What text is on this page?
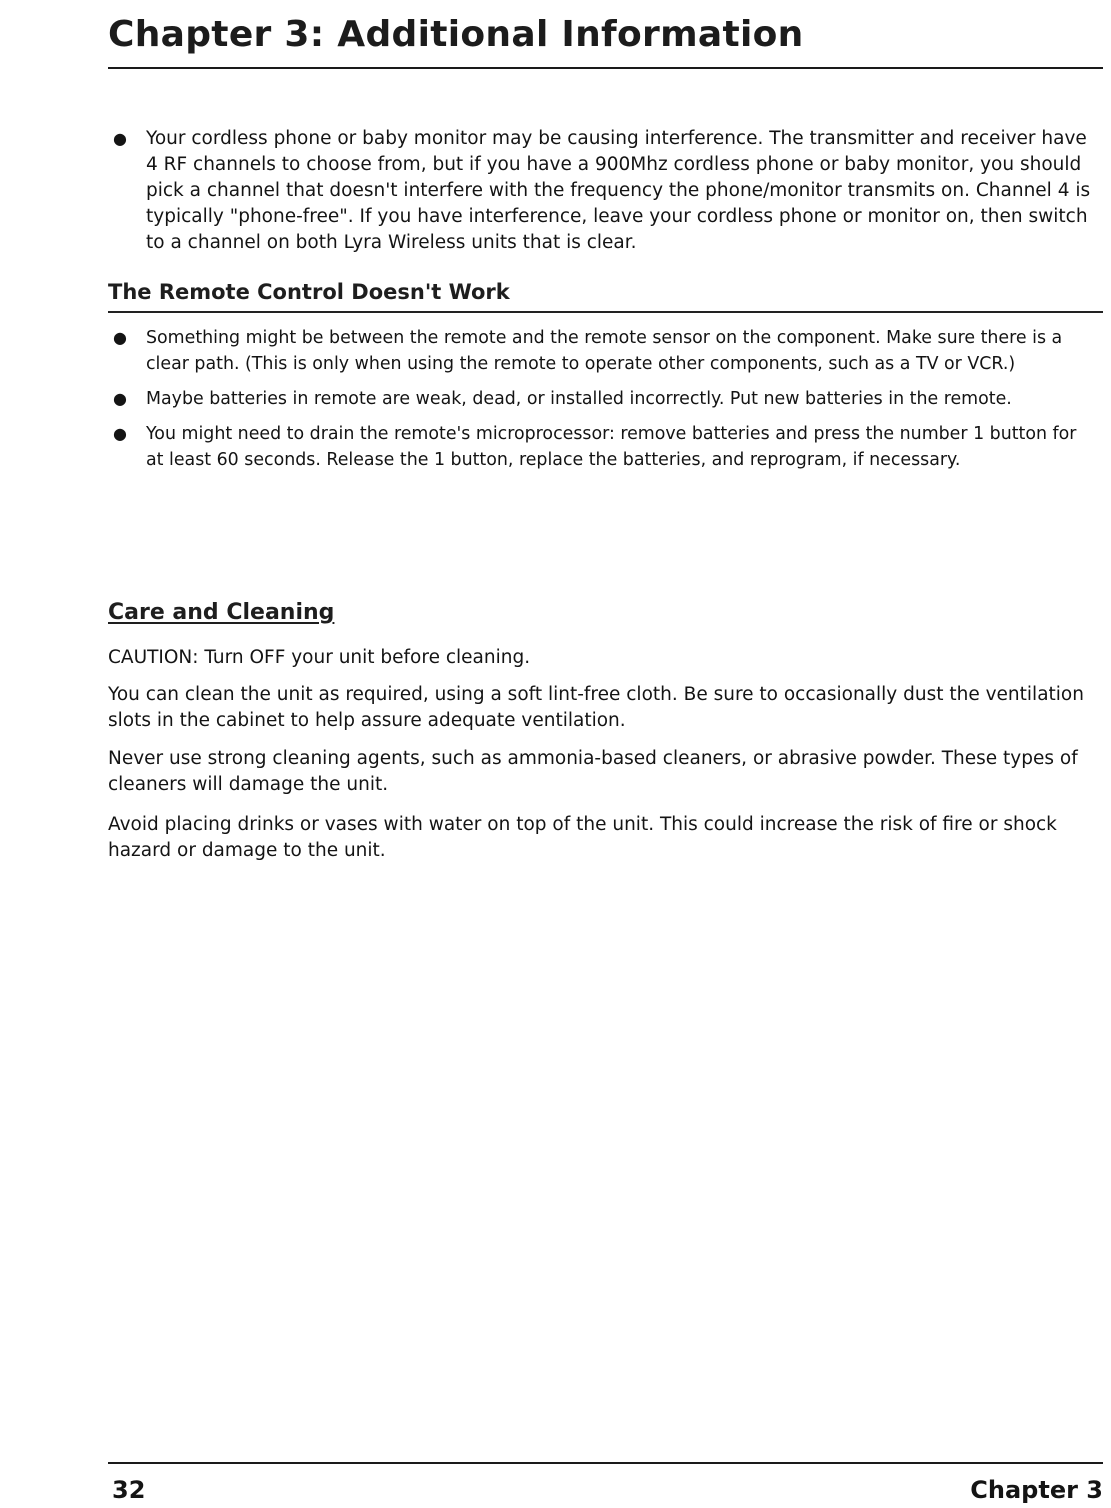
Chapter 3: Additional Information
● Your cordless phone or baby monitor may be causing interference. The transmitter and receiver have 4 RF channels to choose from, but if you have a 900Mhz cordless phone or baby monitor, you should pick a channel that doesn't interfere with the frequency the phone/monitor transmits on. Channel 4 is typically "phone-free". If you have interference, leave your cordless phone or monitor on, then switch to a channel on both Lyra Wireless units that is clear.
The Remote Control Doesn't Work
● Something might be between the remote and the remote sensor on the component. Make sure there is a clear path. (This is only when using the remote to operate other components, such as a TV or VCR.)
● Maybe batteries in remote are weak, dead, or installed incorrectly. Put new batteries in the remote.
● You might need to drain the remote's microprocessor: remove batteries and press the number 1 button for at least 60 seconds. Release the 1 button, replace the batteries, and reprogram, if necessary.
Care and Cleaning

CAUTION: Turn OFF your unit before cleaning.

You can clean the unit as required, using a soft lint-free cloth. Be sure to occasionally dust the ventilation slots in the cabinet to help assure adequate ventilation.

Never use strong cleaning agents, such as ammonia-based cleaners, or abrasive powder. These types of cleaners will damage the unit.

Avoid placing drinks or vases with water on top of the unit. This could increase the risk of fire or shock hazard or damage to the unit.

32	Chapter 3
